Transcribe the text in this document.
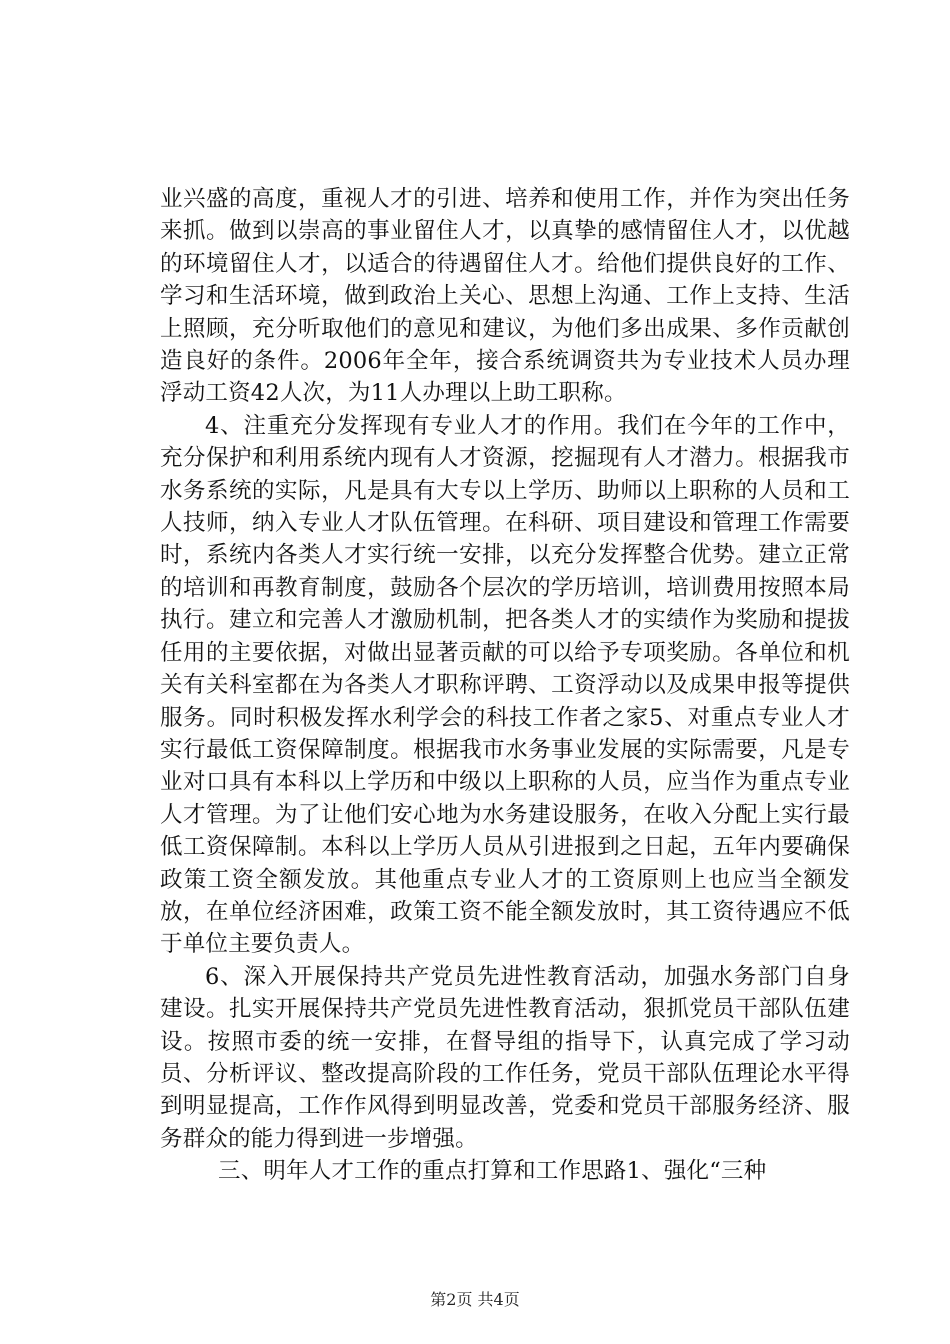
业兴盛的高度，重视人才的引进、培养和使用工作，并作为突出任务来抓。做到以崇高的事业留住人才，以真挚的感情留住人才，以优越的环境留住人才，以适合的待遇留住人才。给他们提供良好的工作、学习和生活环境，做到政治上关心、思想上沟通、工作上支持、生活上照顾，充分听取他们的意见和建议，为他们多出成果、多作贡献创造良好的条件。2006年全年，接合系统调资共为专业技术人员办理浮动工资42人次，为11人办理以上助工职称。

4、注重充分发挥现有专业人才的作用。我们在今年的工作中，充分保护和利用系统内现有人才资源，挖掘现有人才潜力。根据我市水务系统的实际，凡是具有大专以上学历、助师以上职称的人员和工人技师，纳入专业人才队伍管理。在科研、项目建设和管理工作需要时，系统内各类人才实行统一安排，以充分发挥整合优势。建立正常的培训和再教育制度，鼓励各个层次的学历培训，培训费用按照本局执行。建立和完善人才激励机制，把各类人才的实绩作为奖励和提拔任用的主要依据，对做出显著贡献的可以给予专项奖励。各单位和机关有关科室都在为各类人才职称评聘、工资浮动以及成果申报等提供服务。同时积极发挥水利学会的科技工作者之家5、对重点专业人才实行最低工资保障制度。根据我市水务事业发展的实际需要，凡是专业对口具有本科以上学历和中级以上职称的人员，应当作为重点专业人才管理。为了让他们安心地为水务建设服务，在收入分配上实行最低工资保障制。本科以上学历人员从引进报到之日起，五年内要确保政策工资全额发放。其他重点专业人才的工资原则上也应当全额发放，在单位经济困难，政策工资不能全额发放时，其工资待遇应不低于单位主要负责人。

6、深入开展保持共产党员先进性教育活动，加强水务部门自身建设。扎实开展保持共产党员先进性教育活动，狠抓党员干部队伍建设。按照市委的统一安排，在督导组的指导下，认真完成了学习动员、分析评议、整改提高阶段的工作任务，党员干部队伍理论水平得到明显提高，工作作风得到明显改善，党委和党员干部服务经济、服务群众的能力得到进一步增强。

三、明年人才工作的重点打算和工作思路1、强化“三种

第2页 共4页
